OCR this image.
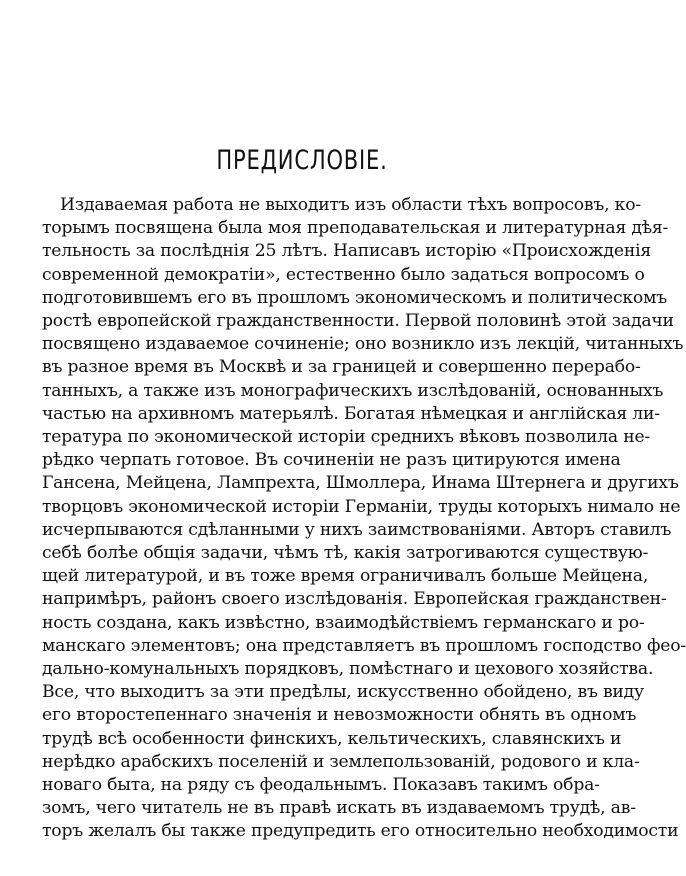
ПРЕДИСЛОВIЕ.
Издаваемая работа не выходитъ изъ области тѣхъ вопросовъ, ко-
торымъ посвящена была моя преподавательская и литературная дѣя-
тельность за послѣднiя 25 лѣтъ. Написавъ исторiю «Происхожденiя
современной демократiи», естественно было задаться вопросомъ о
подготовившемъ его въ прошломъ экономическомъ и политическомъ
ростѣ европейской гражданственности. Первой половинѣ этой задачи
посвящено издаваемое сочиненiе; оно возникло изъ лекцiй, читанныхъ
въ разное время въ Москвѣ и за границей и совершенно перерабо-
танныхъ, а также изъ монографическихъ изслѣдованiй, основанныхъ
частью на архивномъ матерьялѣ. Богатая нѣмецкая и англiйская ли-
тература по экономической исторiи среднихъ вѣковъ позволила не-
рѣдко черпать готовое. Въ сочиненiи не разъ цитируются имена
Гансена, Мейцена, Лампрехта, Шмоллера, Инама Штернега и другихъ
творцовъ экономической исторiи Германiи, труды которыхъ нимало не
исчерпываются сдѣланными у нихъ заимствованiями. Авторъ ставилъ
себѣ болѣе общiя задачи, чѣмъ тѣ, какiя затрогиваются существую-
щей литературой, и въ тоже время ограничивалъ больше Мейцена,
напримѣръ, районъ своего изслѣдованiя. Европейская гражданствен-
ность создана, какъ извѣстно, взаимодѣйствiемъ германскаго и ро-
манскаго элементовъ; она представляетъ въ прошломъ господство фео-
дально-комунальныхъ порядковъ, помѣстнаго и цехового хозяйства.
Все, что выходитъ за эти предѣлы, искусственно обойдено, въ виду
его второстепеннаго значенiя и невозможности обнять въ одномъ
трудѣ всѣ особенности финскихъ, кельтическихъ, славянскихъ и
нерѣдко арабскихъ поселенiй и землепользованiй, родового и кла-
новаго быта, на ряду съ феодальнымъ. Показавъ такимъ обра-
зомъ, чего читатель не въ правѣ искать въ издаваемомъ трудѣ, ав-
торъ желалъ бы также предупредить его относительно необходимости
